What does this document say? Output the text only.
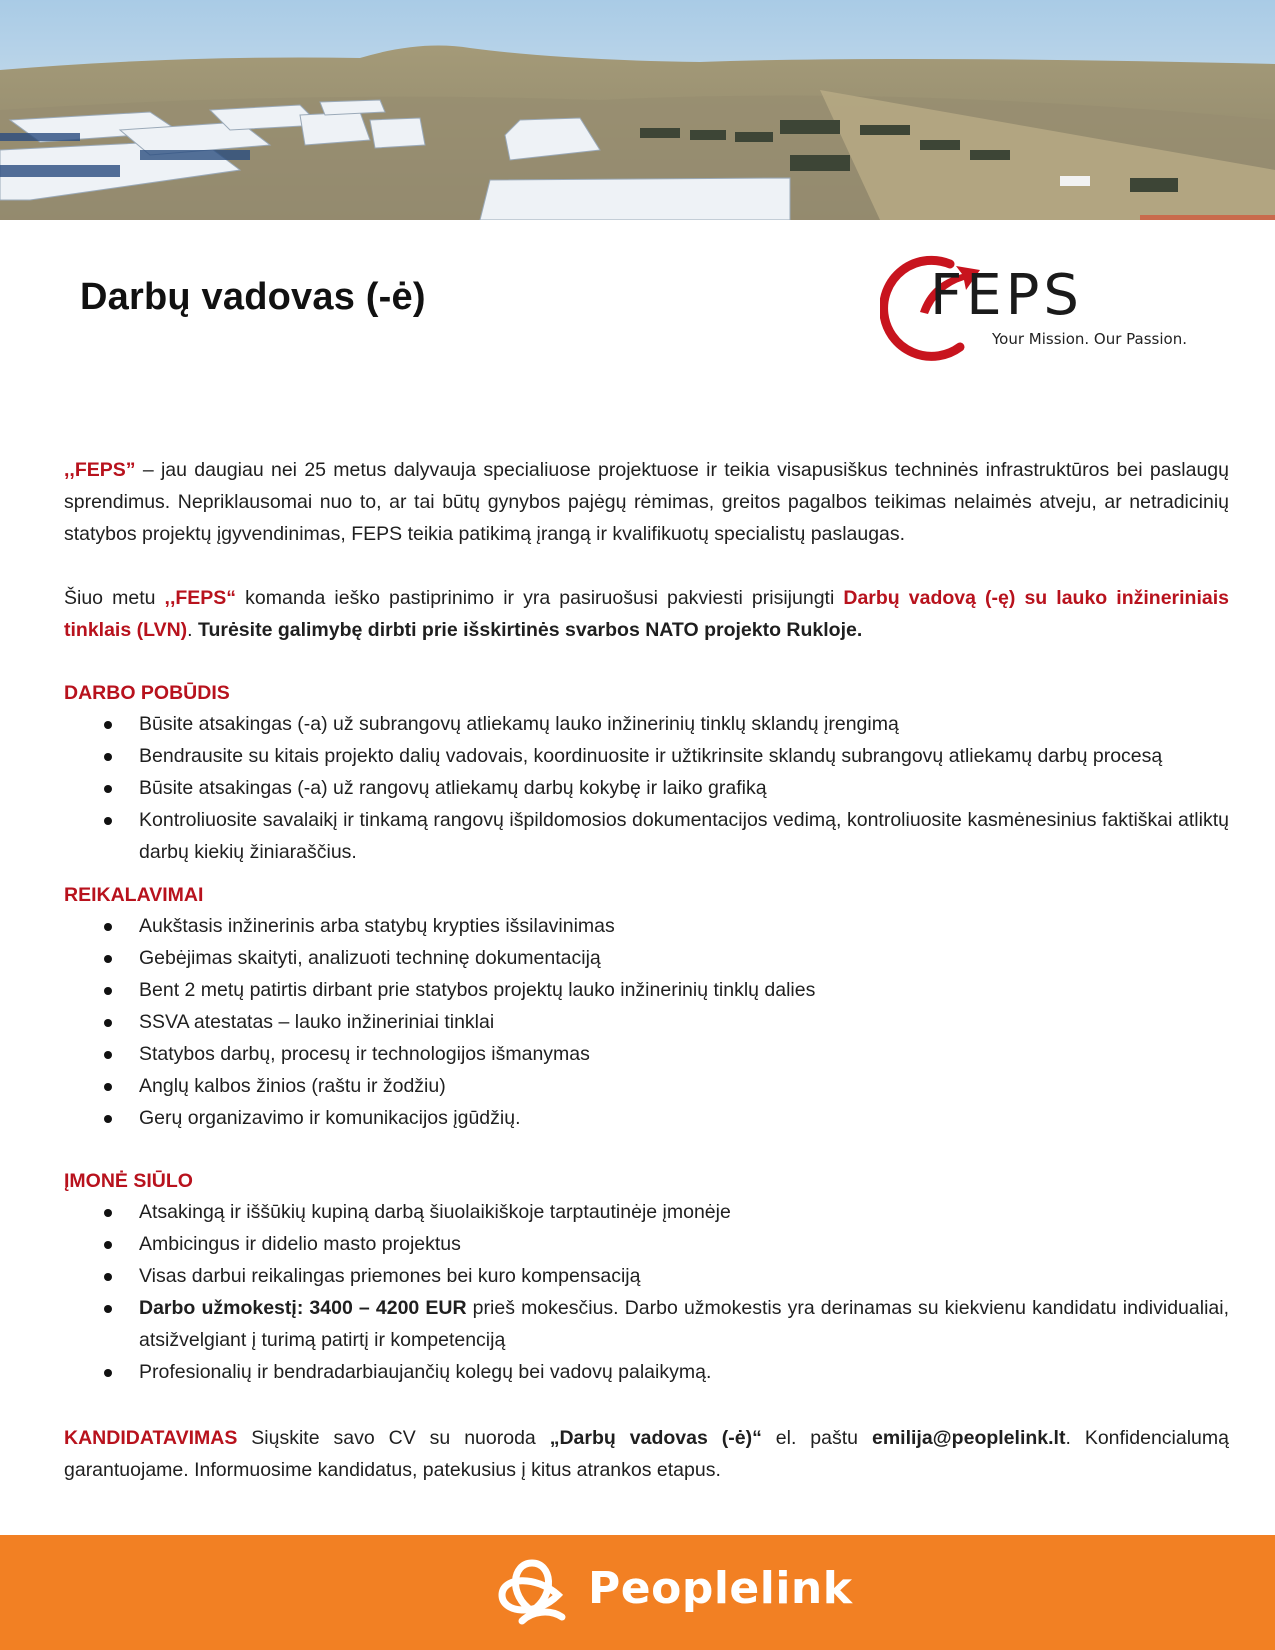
Darbų vadovas (-ė)	FEPS
Your Mission. Our Passion.

,,FEPS” – jau daugiau nei 25 metus dalyvauja specialiuose projektuose ir teikia visapusiškus techninės infrastruktūros bei paslaugų sprendimus. Nepriklausomai nuo to, ar tai būtų gynybos pajėgų rėmimas, greitos pagalbos teikimas nelaimės atveju, ar netradicinių statybos projektų įgyvendinimas, FEPS teikia patikimą įrangą ir kvalifikuotų specialistų paslaugas.

Šiuo metu ,,FEPS“ komanda ieško pastiprinimo ir yra pasiruošusi pakviesti prisijungti Darbų vadovą (-ę) su lauko inžineriniais tinklais (LVN). Turėsite galimybę dirbti prie išskirtinės svarbos NATO projekto Rukloje.

DARBO POBŪDIS
Būsite atsakingas (-a) už subrangovų atliekamų lauko inžinerinių tinklų sklandų įrengimą
Bendrausite su kitais projekto dalių vadovais, koordinuosite ir užtikrinsite sklandų subrangovų atliekamų darbų procesą
Būsite atsakingas (-a) už rangovų atliekamų darbų kokybę ir laiko grafiką
Kontroliuosite savalaikį ir tinkamą rangovų išpildomosios dokumentacijos vedimą, kontroliuosite kasmėnesinius faktiškai atliktų darbų kiekių žiniaraščius.
REIKALAVIMAI
Aukštasis inžinerinis arba statybų krypties išsilavinimas
Gebėjimas skaityti, analizuoti techninę dokumentaciją
Bent 2 metų patirtis dirbant prie statybos projektų lauko inžinerinių tinklų dalies
SSVA atestatas – lauko inžineriniai tinklai
Statybos darbų, procesų ir technologijos išmanymas
Anglų kalbos žinios (raštu ir žodžiu)
Gerų organizavimo ir komunikacijos įgūdžių.
ĮMONĖ SIŪLO
Atsakingą ir iššūkių kupiną darbą šiuolaikiškoje tarptautinėje įmonėje
Ambicingus ir didelio masto projektus
Visas darbui reikalingas priemones bei kuro kompensaciją
Darbo užmokestį: 3400 – 4200 EUR prieš mokesčius. Darbo užmokestis yra derinamas su kiekvienu kandidatu individualiai, atsižvelgiant į turimą patirtį ir kompetenciją
Profesionalių ir bendradarbiaujančių kolegų bei vadovų palaikymą.

KANDIDATAVIMAS Siųskite savo CV su nuoroda „Darbų vadovas (-ė)“ el. paštu emilija@peoplelink.lt. Konfidencialumą garantuojame. Informuosime kandidatus, patekusius į kitus atrankos etapus.

Peoplelink
